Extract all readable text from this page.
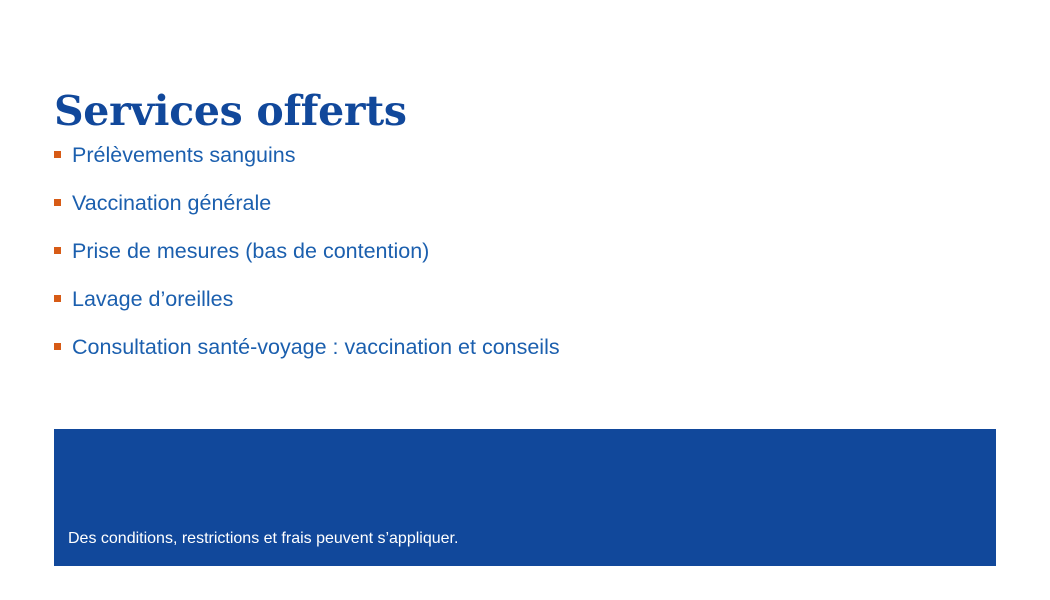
Services offerts
Prélèvements sanguins
Vaccination générale
Prise de mesures (bas de contention)
Lavage d’oreilles
Consultation santé-voyage : vaccination et conseils
Des conditions, restrictions et frais peuvent s’appliquer.
